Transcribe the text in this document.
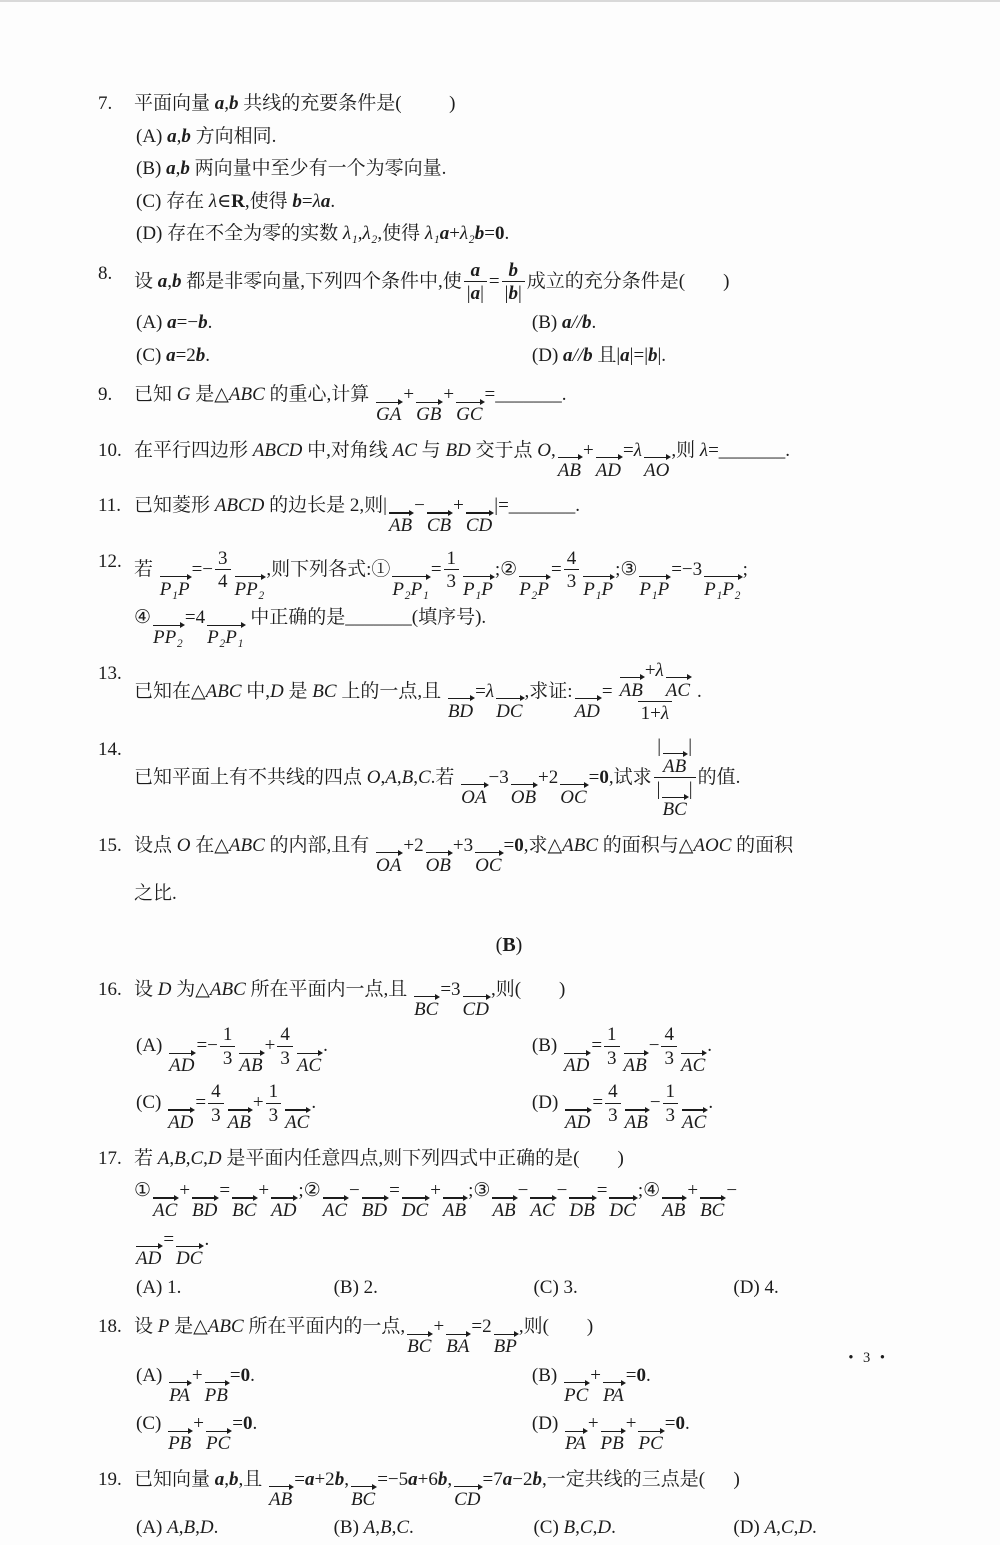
7.	平面向量 a,b 共线的充要条件是(          )
(A) a,b 方向相同.
(B) a,b 两向量中至少有一个为零向量.
(C) 存在 λ∈R,使得 b=λa.
(D) 存在不全为零的实数 λ₁,λ₂,使得 λ₁a+λ₂b=0.
8.	设 a,b 都是非零向量,下列四个条件中,使 $\frac{a}{|a|} = \frac{b}{|b|}$ 成立的充分条件是(        )
(A) a=−b.	(B) a//b.
(C) a=2b.	(D) a//b 且|a|=|b|.
9.	已知 G 是△ABC 的重心,计算
GA
+
GB
+
GC
=_______.
10. 在平行四边形 ABCD 中,对角线 AC 与 BD 交于点 O,
AB
+
AD
=λ
AO
,则 λ=_______.
11. 已知菱形 ABCD 的边长是 2,则|
AB
−
CB
+
CD
|=_______.
12. 若
P₁P
=− $\frac{3}{4} PP_2$
,则下列各式:①
P₂P₁
= $\frac{1}{3} P_1P$
;②
P₂P
= $\frac{4}{3} P_1P$
;③
P₁P
=−3
P₁P₂
;
④
PP₂
=4
P₂P₁
中正确的是_______(填序号).
13.
已知在△ABC 中,D 是 BC 上的一点,且
BD
=λ
DC
,求证:
AD
= AB
+λ
AC
1+λ .
14.
已知平面上有不共线的四点 O,A,B,C.若
OA
−3
OB
+2
OC
=0,试求 |
AB
|
|
BC
| 的值.
15. 设点 O 在△ABC 的内部,且有
OA
+2
OB
+3
OC
=0,求△ABC 的面积与△AOC 的面积
之比.
(B)
16. 设 D 为△ABC 所在平面内一点,且
BC
=3
CD
,则(        )
(A)
AD
=− $\frac{1}{3}$ AB
+ $\frac{4}{3}$ AC
.	(B)
AD
= $\frac{1}{3}$ AB
− $\frac{4}{3}$ AC
.
(C)
AD
= $\frac{4}{3}$ AB
+ $\frac{1}{3}$ AC
.	(D)
AD
= $\frac{4}{3}$ AB
− $\frac{1}{3}$ AC
.
17. 若 A,B,C,D 是平面内任意四点,则下列四式中正确的是(        )
①
AC
+
BD
=
BC
+
AD
;②
AC
−
BD
=
DC
+
AB
;③
AB
−
AC
−
DB
=
DC
;④
AB
+
BC
−
AD
=
DC
.
(A) 1.	(B) 2.	(C) 3.	(D) 4.
18. 设 P 是△ABC 所在平面内的一点,
BC
+
BA
=2
BP
,则(        )
(A)
PA
+
PB
=0.	(B)
PC
+
PA
=0.
(C)
PB
+
PC
=0.	(D)
PA
+
PB
+
PC
=0.
19. 已知向量 a,b,且
AB
=a+2b,
BC
=−5a+6b,
CD
=7a−2b,一定共线的三点是(      )
(A) A,B,D.	(B) A,B,C.	(C) B,C,D.	(D) A,C,D.
• 3 •
